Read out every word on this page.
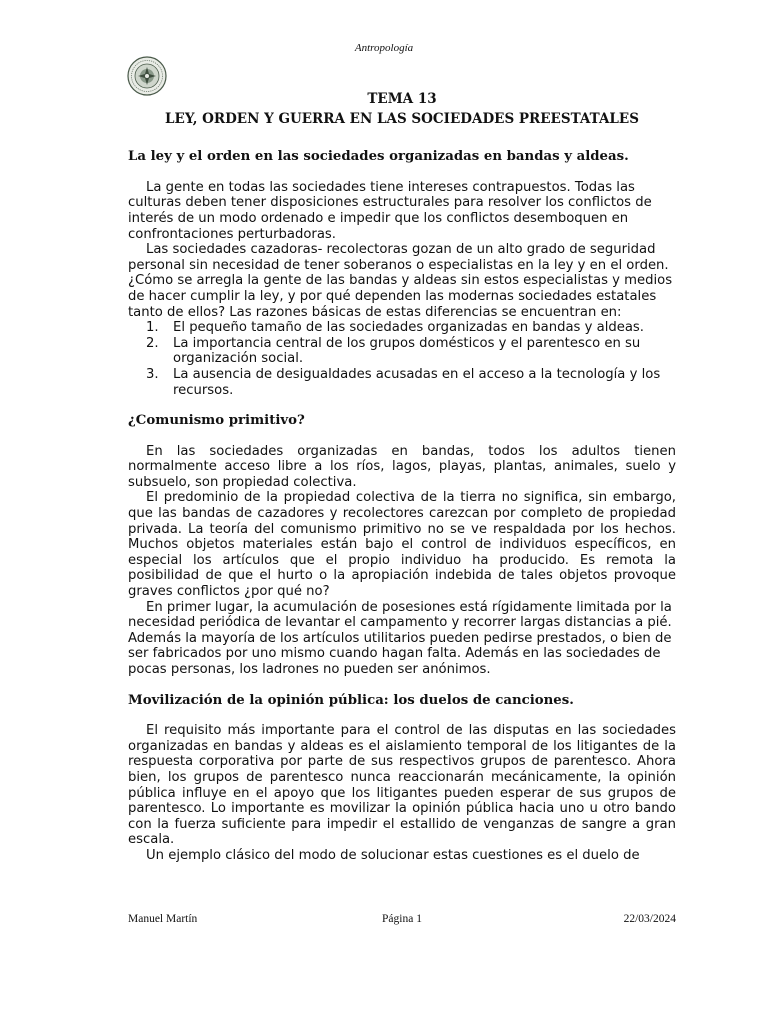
Antropología
TEMA 13
LEY, ORDEN Y GUERRA EN LAS SOCIEDADES PREESTATALES
La ley y el orden en las sociedades organizadas en bandas y aldeas.

La gente en todas las sociedades tiene intereses contrapuestos. Todas las culturas deben tener disposiciones estructurales para resolver los conflictos de interés de un modo ordenado e impedir que los conflictos desemboquen en confrontaciones perturbadoras.

Las sociedades cazadoras- recolectoras gozan de un alto grado de seguridad personal sin necesidad de tener soberanos o especialistas en la ley y en el orden. ¿Cómo se arregla la gente de las bandas y aldeas sin estos especialistas y medios de hacer cumplir la ley, y por qué dependen las modernas sociedades estatales tanto de ellos? Las razones básicas de estas diferencias se encuentran en:

1. El pequeño tamaño de las sociedades organizadas en bandas y aldeas.
2. La importancia central de los grupos domésticos y el parentesco en su organización social.
3. La ausencia de desigualdades acusadas en el acceso a la tecnología y los recursos.
¿Comunismo primitivo?

En las sociedades organizadas en bandas, todos los adultos tienen normalmente acceso libre a los ríos, lagos, playas, plantas, animales, suelo y subsuelo, son propiedad colectiva.

El predominio de la propiedad colectiva de la tierra no significa, sin embargo, que las bandas de cazadores y recolectores carezcan por completo de propiedad privada. La teoría del comunismo primitivo no se ve respaldada por los hechos. Muchos objetos materiales están bajo el control de individuos específicos, en especial los artículos que el propio individuo ha producido. Es remota la posibilidad de que el hurto o la apropiación indebida de tales objetos provoque graves conflictos ¿por qué no?

En primer lugar, la acumulación de posesiones está rígidamente limitada por la necesidad periódica de levantar el campamento y recorrer largas distancias a pié. Además la mayoría de los artículos utilitarios pueden pedirse prestados, o bien de ser fabricados por uno mismo cuando hagan falta. Además en las sociedades de pocas personas, los ladrones no pueden ser anónimos.

Movilización de la opinión pública: los duelos de canciones.

El requisito más importante para el control de las disputas en las sociedades organizadas en bandas y aldeas es el aislamiento temporal de los litigantes de la respuesta corporativa por parte de sus respectivos grupos de parentesco. Ahora bien, los grupos de parentesco nunca reaccionarán mecánicamente, la opinión pública influye en el apoyo que los litigantes pueden esperar de sus grupos de parentesco. Lo importante es movilizar la opinión pública hacia uno u otro bando con la fuerza suficiente para impedir el estallido de venganzas de sangre a gran escala.

Un ejemplo clásico del modo de solucionar estas cuestiones es el duelo de

Manuel Martín	Página 1	22/03/2024
